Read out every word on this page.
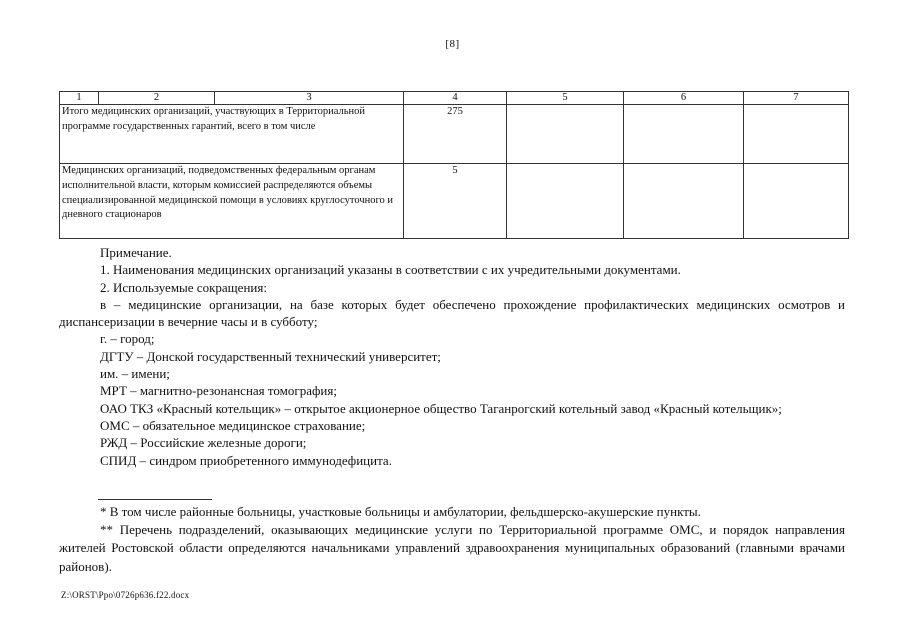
[8]
1	2	3	4	5	6	7
Итого медицинских организаций, участвующих в Территориальной программе государственных гарантий, всего в том числе			275			
Медицинских организаций, подведомственных федеральным органам исполнительной власти, которым комиссией распределяются объемы специализированной медицинской помощи в условиях круглосуточного и дневного стационаров			5			

Примечание.

1. Наименования медицинских организаций указаны в соответствии с их учредительными документами.

2. Используемые сокращения:

в – медицинские организации, на базе которых будет обеспечено прохождение профилактических медицинских осмотров и диспансеризации в вечерние часы и в субботу;

г. – город;

ДГТУ – Донской государственный технический университет;

им. – имени;

МРТ – магнитно-резонансная томография;

ОАО ТКЗ «Красный котельщик» – открытое акционерное общество Таганрогский котельный завод «Красный котельщик»;

ОМС – обязательное медицинское страхование;

РЖД – Российские железные дороги;

СПИД – синдром приобретенного иммунодефицита.

* В том числе районные больницы, участковые больницы и амбулатории, фельдшерско-акушерские пункты.

** Перечень подразделений, оказывающих медицинские услуги по Территориальной программе ОМС, и порядок направления жителей Ростовской области определяются начальниками управлений здравоохранения муниципальных образований (главными врачами районов).

Z:\ORST\Ppo\0726p636.f22.docx
